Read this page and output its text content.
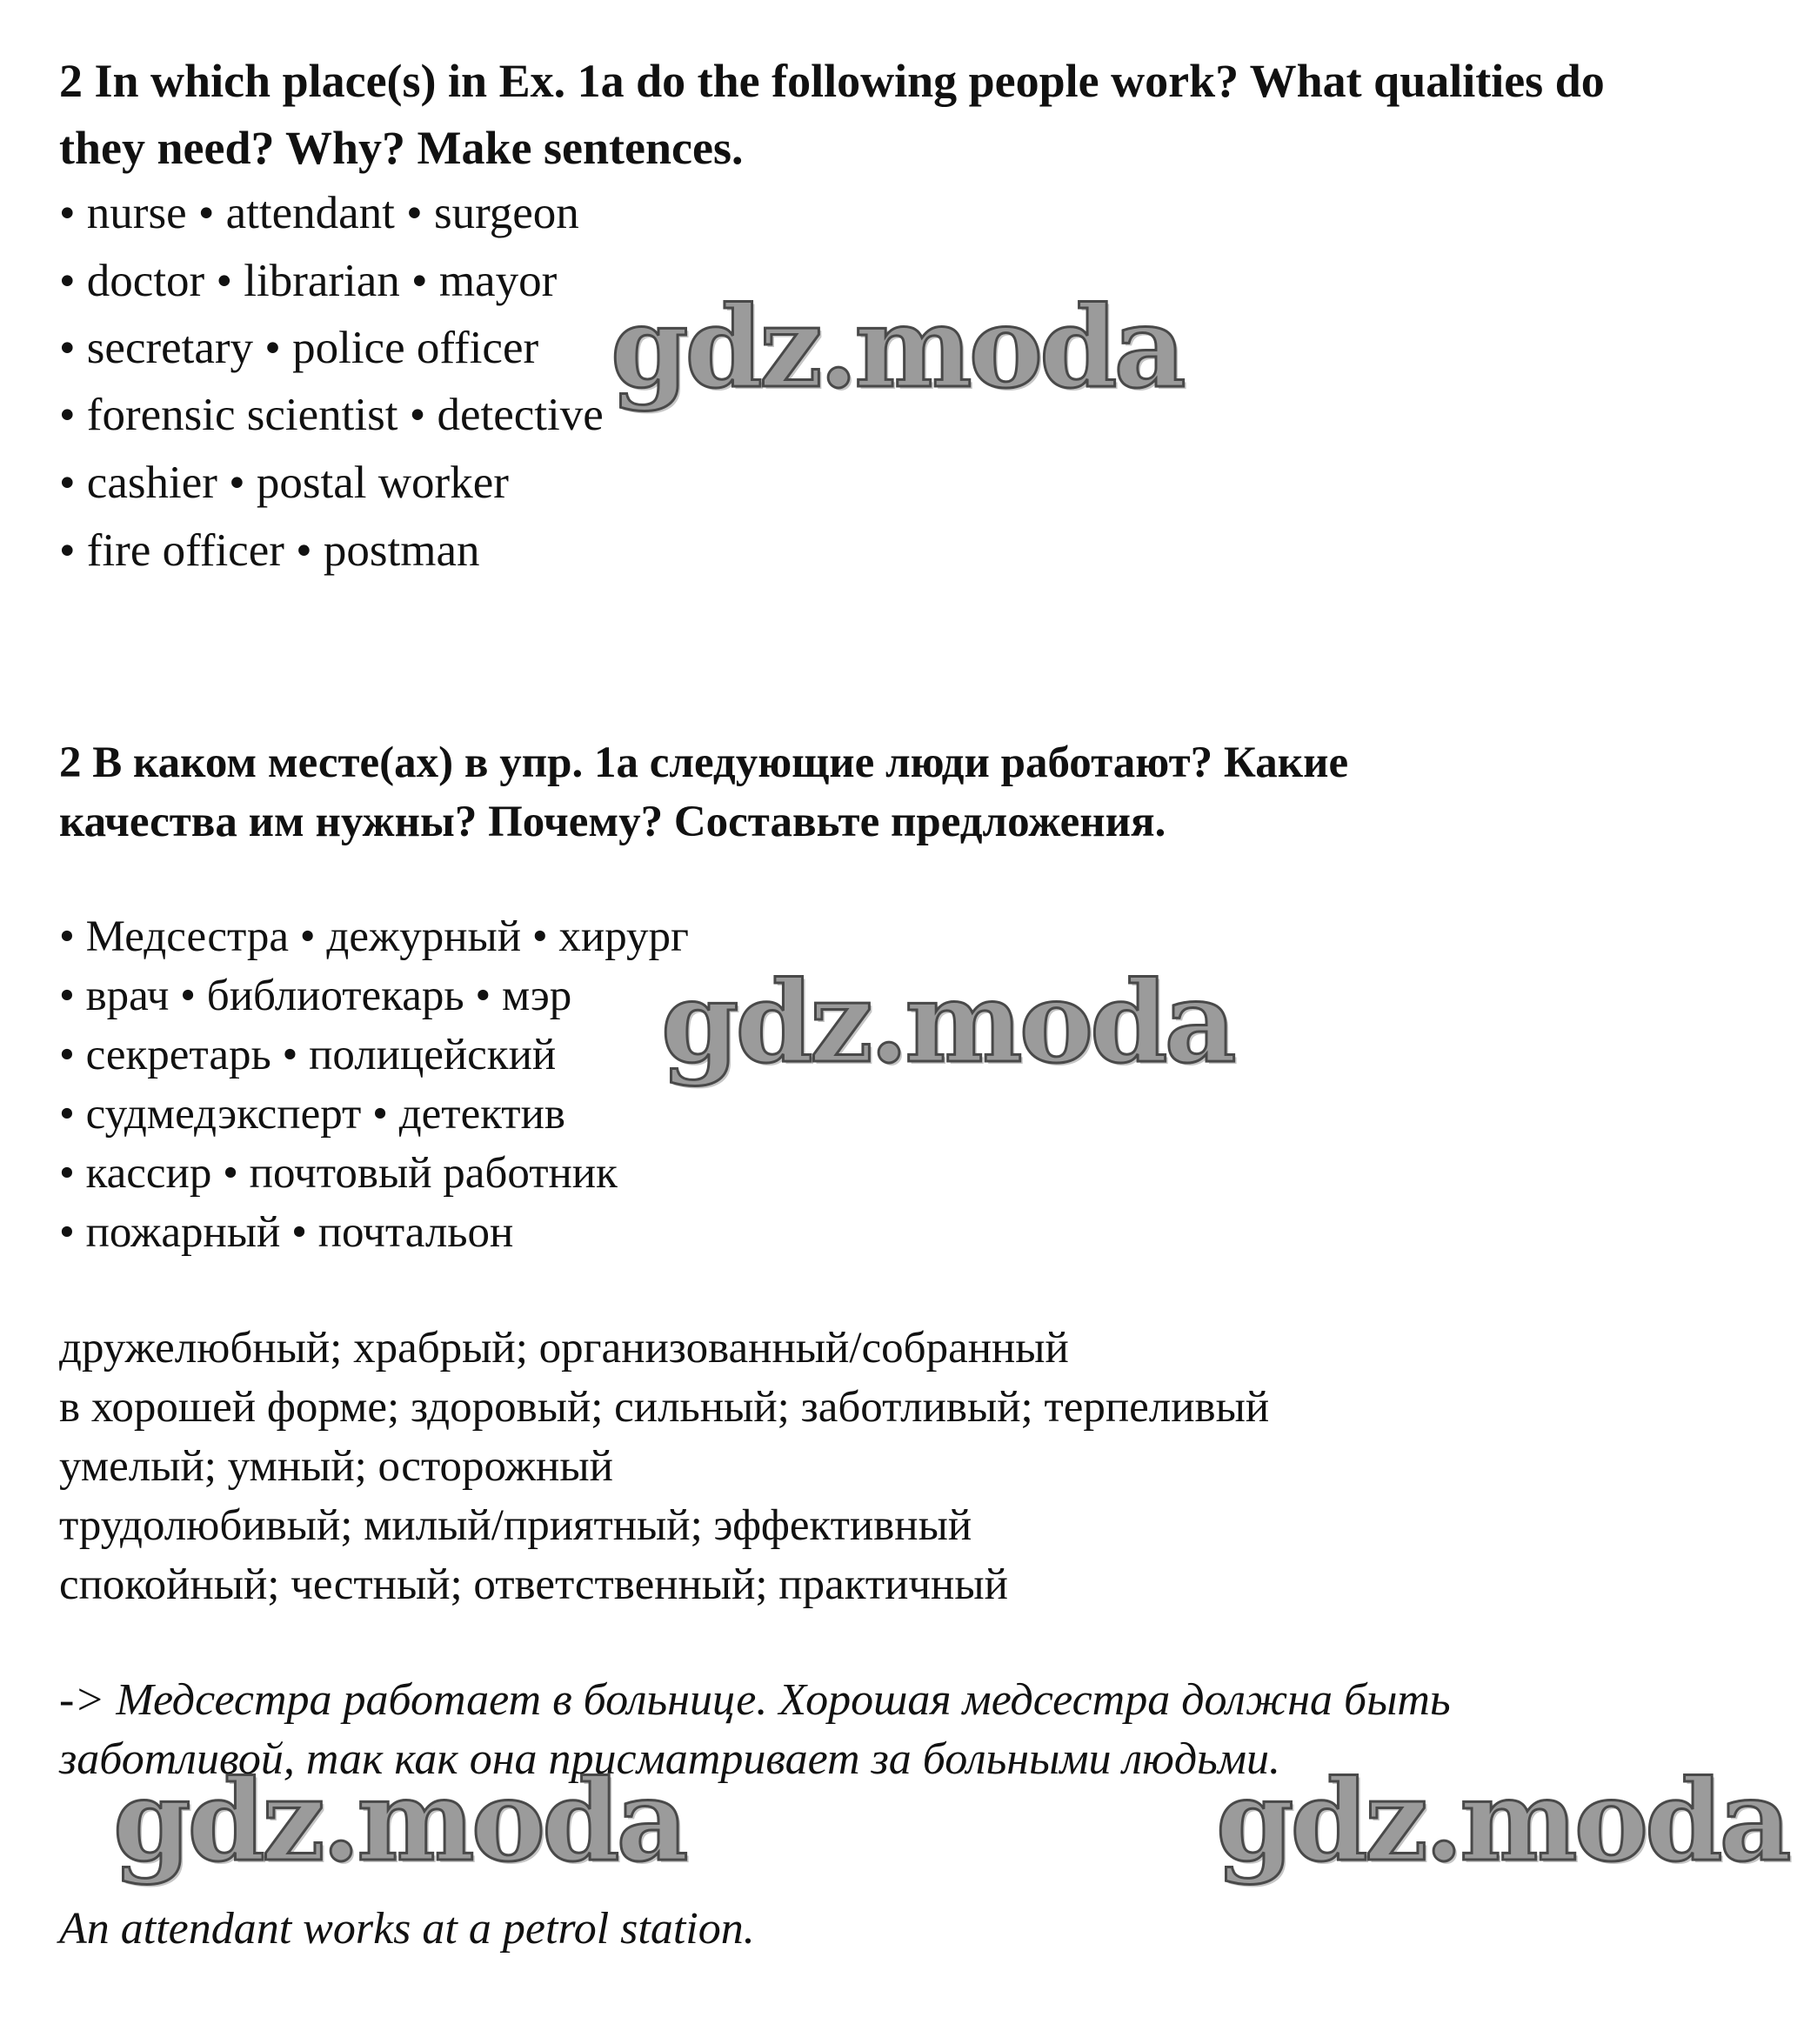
2 In which place(s) in Ex. 1a do the following people work? What qualities do
they need? Why? Make sentences.
• nurse • attendant • surgeon
• doctor • librarian • mayor
• secretary • police officer
• forensic scientist • detective
• cashier • postal worker
• fire officer • postman
2 В каком месте(ах) в упр. 1а следующие люди работают? Какие
качества им нужны? Почему? Составьте предложения.
• Медсестра • дежурный • хирург
• врач • библиотекарь • мэр
• секретарь • полицейский
• судмедэксперт • детектив
• кассир • почтовый работник
• пожарный • почтальон
дружелюбный; храбрый; организованный/собранный
в хорошей форме; здоровый; сильный; заботливый; терпеливый
умелый; умный; осторожный
трудолюбивый; милый/приятный; эффективный
спокойный; честный; ответственный; практичный
-> Медсестра работает в больнице. Хорошая медсестра должна быть
заботливой, так как она присматривает за больными людьми.
An attendant works at a petrol station.
gdz.moda
gdz.moda
gdz.moda	gdz.moda
